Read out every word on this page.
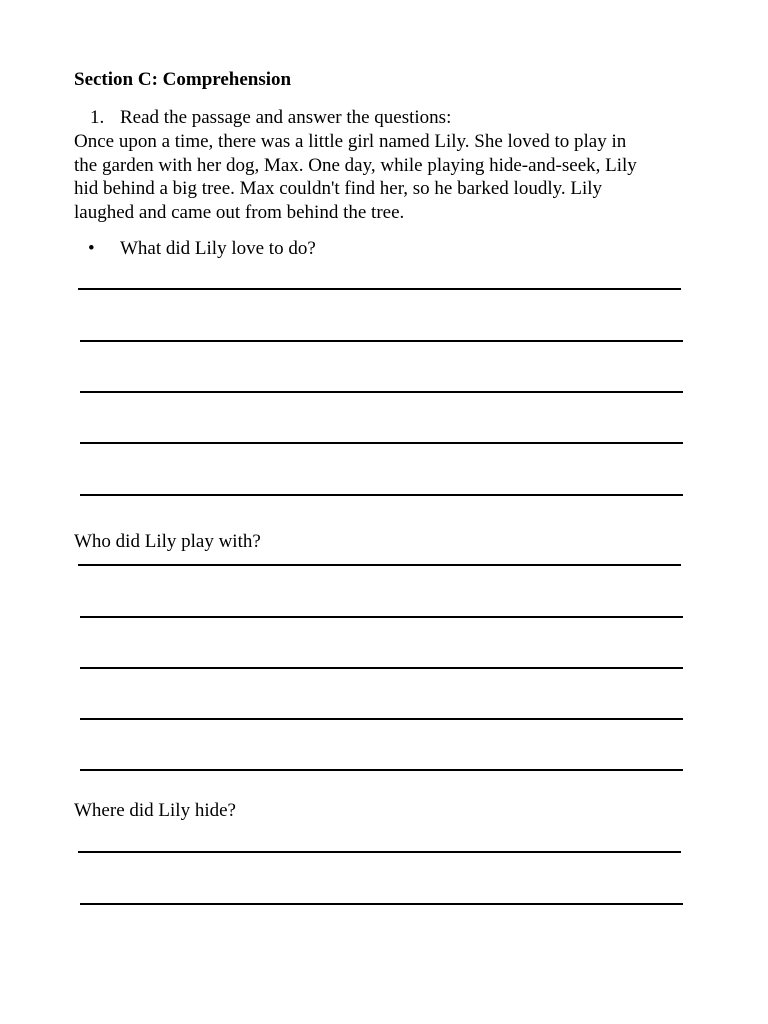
Section C: Comprehension
1. Read the passage and answer the questions:
Once upon a time, there was a little girl named Lily. She loved to play in
the garden with her dog, Max. One day, while playing hide-and-seek, Lily
hid behind a big tree. Max couldn't find her, so he barked loudly. Lily
laughed and came out from behind the tree.
• What did Lily love to do?
Who did Lily play with?
Where did Lily hide?
